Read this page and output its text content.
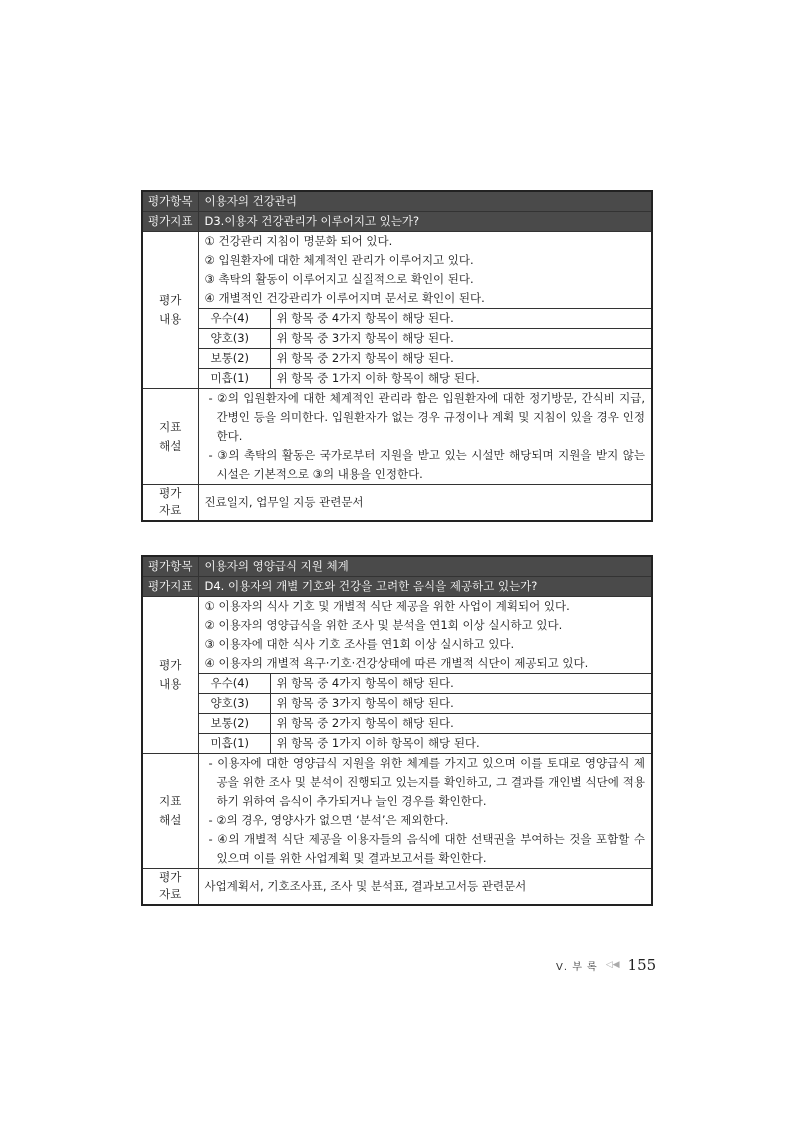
평가항목	이용자의 건강관리	
평가지표	D3.이용자 건강관리가 이루어지고 있는가?	

평가 내용	① 건강관리 지침이 명문화 되어 있다.
② 입원환자에 대한 체계적인 관리가 이루어지고 있다.
③ 촉탁의 활동이 이루어지고 실질적으로 확인이 된다.
④ 개별적인 건강관리가 이루어지며 문서로 확인이 된다.	

	우수(4)	위 항목 중 4가지 항목이 해당 된다.
	양호(3)	위 항목 중 3가지 항목이 해당 된다.
	보통(2)	위 항목 중 2가지 항목이 해당 된다.
	미흡(1)	위 항목 중 1가지 이하 항목이 해당 된다.

지표 해설	- ②의 입원환자에 대한 체계적인 관리라 함은 입원환자에 대한 정기방문, 간식비 지급, 간병인 등을 의미한다. 입원환자가 없는 경우 규정이나 계획 및 지침이 있을 경우 인정한다.
- ③의 촉탁의 활동은 국가로부터 지원을 받고 있는 시설만 해당되며 지원을 받지 않는 시설은 기본적으로 ③의 내용을 인정한다.	

평가 자료	진료일지, 업무일 지등 관련문서	
평가항목	이용자의 영양급식 지원 체계	
평가지표	D4. 이용자의 개별 기호와 건강을 고려한 음식을 제공하고 있는가?	

평가 내용	① 이용자의 식사 기호 및 개별적 식단 제공을 위한 사업이 계획되어 있다.
② 이용자의 영양급식을 위한 조사 및 분석을 연1회 이상 실시하고 있다.
③ 이용자에 대한 식사 기호 조사를 연1회 이상 실시하고 있다.
④ 이용자의 개별적 욕구·기호·건강상태에 따른 개별적 식단이 제공되고 있다.	

	우수(4)	위 항목 중 4가지 항목이 해당 된다.
	양호(3)	위 항목 중 3가지 항목이 해당 된다.
	보통(2)	위 항목 중 2가지 항목이 해당 된다.
	미흡(1)	위 항목 중 1가지 이하 항목이 해당 된다.

지표 해설	- 이용자에 대한 영양급식 지원을 위한 체계를 가지고 있으며 이를 토대로 영양급식 제공을 위한 조사 및 분석이 진행되고 있는지를 확인하고, 그 결과를 개인별 식단에 적용하기 위하여 음식이 추가되거나 늘인 경우를 확인한다.
- ②의 경우, 영양사가 없으면 ‘분석’은 제외한다.
- ④의 개별적 식단 제공을 이용자들의 음식에 대한 선택권을 부여하는 것을 포함할 수 있으며 이를 위한 사업계획 및 결과보고서를 확인한다.	

평가 자료	사업계획서, 기호조사표, 조사 및 분석표, 결과보고서등 관련문서	
Ⅴ. 부 록 ◁◀ 155
